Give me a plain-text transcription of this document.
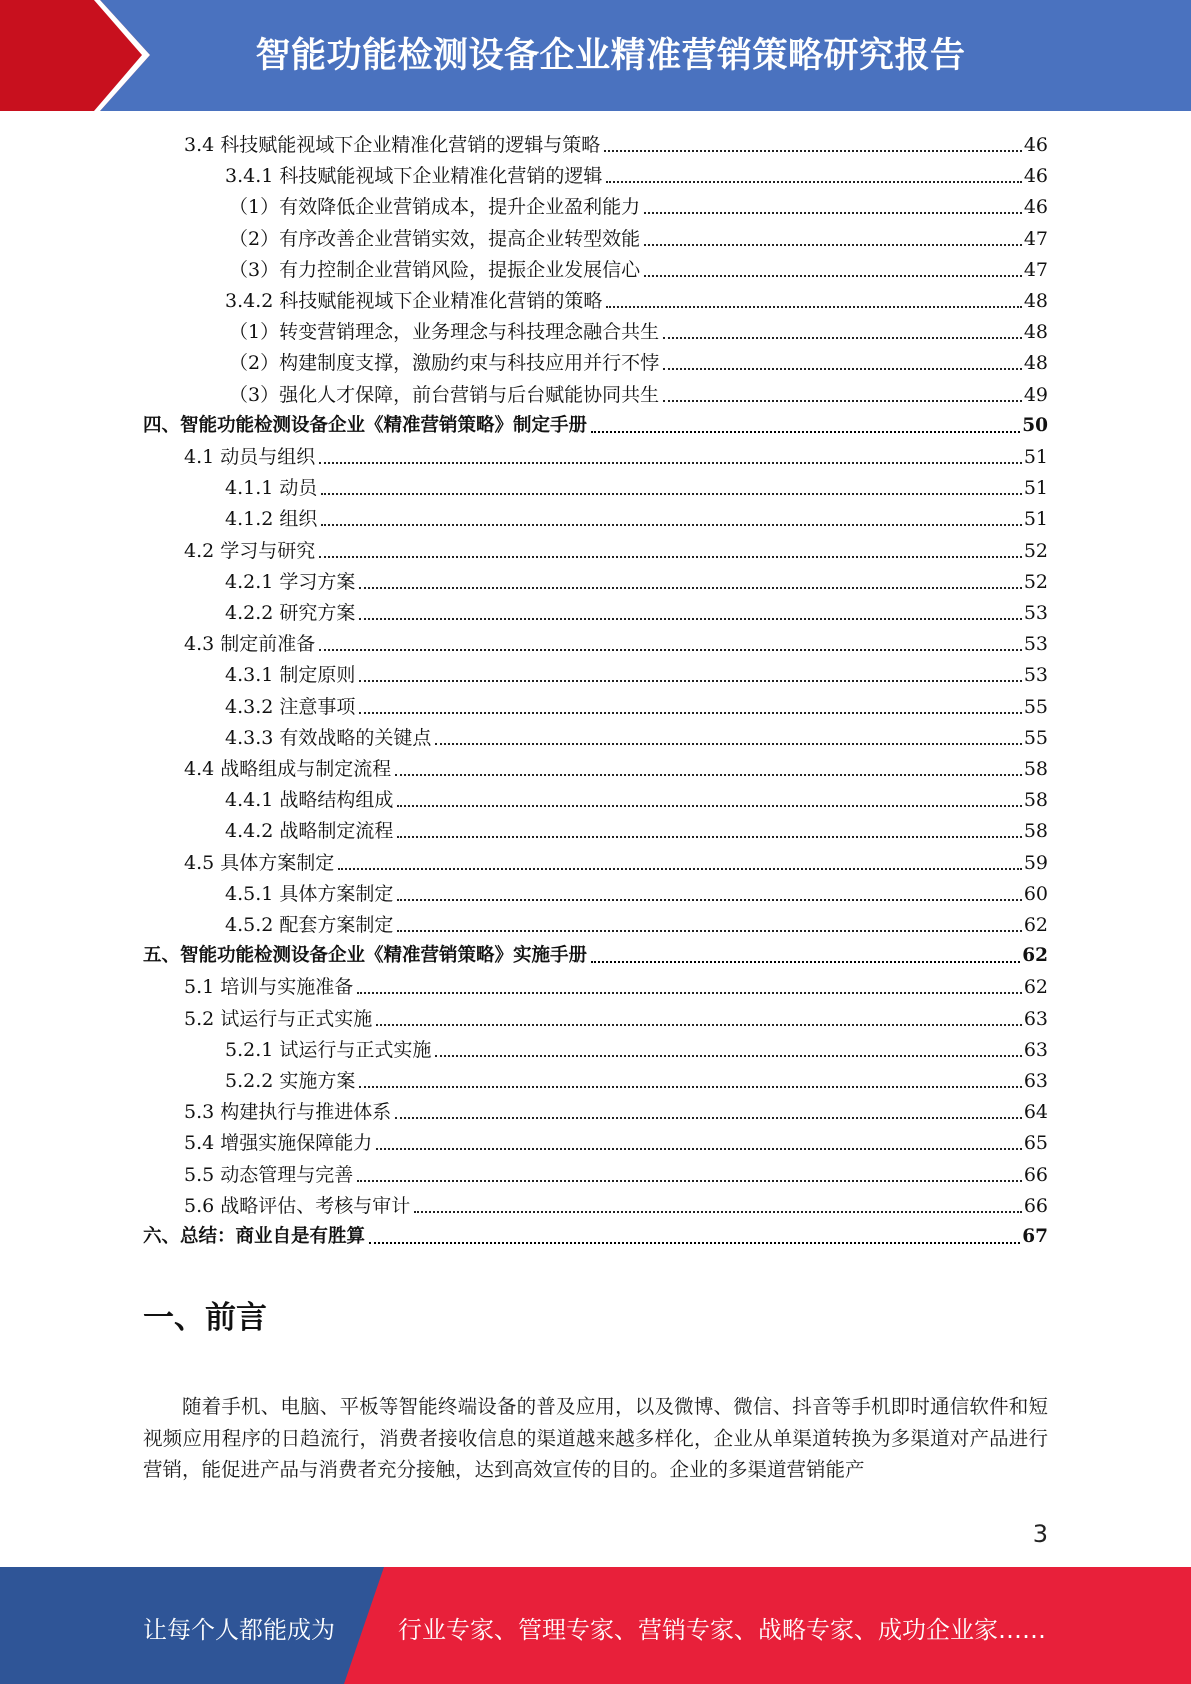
智能功能检测设备企业精准营销策略研究报告
3.4 科技赋能视域下企业精准化营销的逻辑与策略	46
3.4.1 科技赋能视域下企业精准化营销的逻辑	46
（1）有效降低企业营销成本，提升企业盈利能力	46
（2）有序改善企业营销实效，提高企业转型效能	47
（3）有力控制企业营销风险，提振企业发展信心	47
3.4.2 科技赋能视域下企业精准化营销的策略	48
（1）转变营销理念，业务理念与科技理念融合共生	48
（2）构建制度支撑，激励约束与科技应用并行不悖	48
（3）强化人才保障，前台营销与后台赋能协同共生	49
四、智能功能检测设备企业《精准营销策略》制定手册	50
4.1 动员与组织	51
4.1.1 动员	51
4.1.2 组织	51
4.2 学习与研究	52
4.2.1 学习方案	52
4.2.2 研究方案	53
4.3 制定前准备	53
4.3.1 制定原则	53
4.3.2 注意事项	55
4.3.3 有效战略的关键点	55
4.4 战略组成与制定流程	58
4.4.1 战略结构组成	58
4.4.2 战略制定流程	58
4.5 具体方案制定	59
4.5.1 具体方案制定	60
4.5.2 配套方案制定	62
五、智能功能检测设备企业《精准营销策略》实施手册	62
5.1 培训与实施准备	62
5.2 试运行与正式实施	63
5.2.1 试运行与正式实施	63
5.2.2 实施方案	63
5.3 构建执行与推进体系	64
5.4 增强实施保障能力	65
5.5 动态管理与完善	66
5.6 战略评估、考核与审计	66
六、总结：商业自是有胜算	67
一、前言
随着手机、电脑、平板等智能终端设备的普及应用，以及微博、微信、抖音等手机即时通信软件和短视频应用程序的日趋流行，消费者接收信息的渠道越来越多样化，企业从单渠道转换为多渠道对产品进行营销，能促进产品与消费者充分接触，达到高效宣传的目的。企业的多渠道营销能产
3
让每个人都能成为	行业专家、管理专家、营销专家、战略专家、成功企业家……
